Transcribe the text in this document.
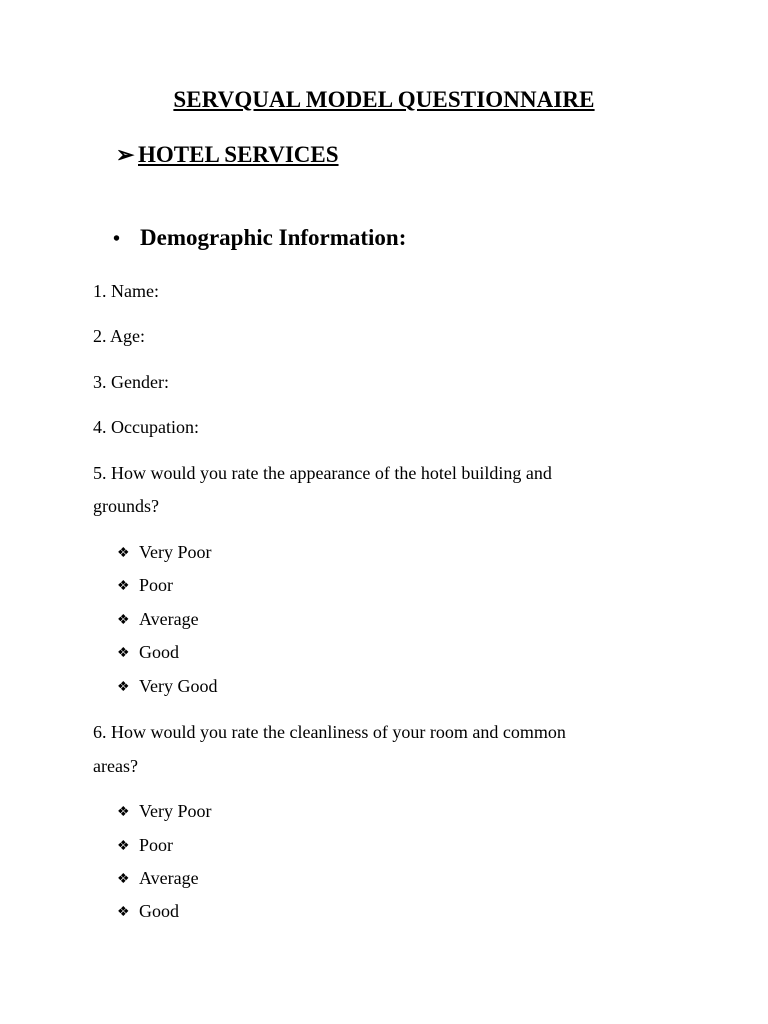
SERVQUAL MODEL QUESTIONNAIRE
➢ HOTEL SERVICES
• Demographic Information:

1. Name:

2. Age:

3. Gender:

4. Occupation:

5. How would you rate the appearance of the hotel building and

grounds?

❖ Very Poor

❖ Poor

❖ Average

❖ Good

❖ Very Good

6. How would you rate the cleanliness of your room and common

areas?

❖ Very Poor

❖ Poor

❖ Average

❖ Good
